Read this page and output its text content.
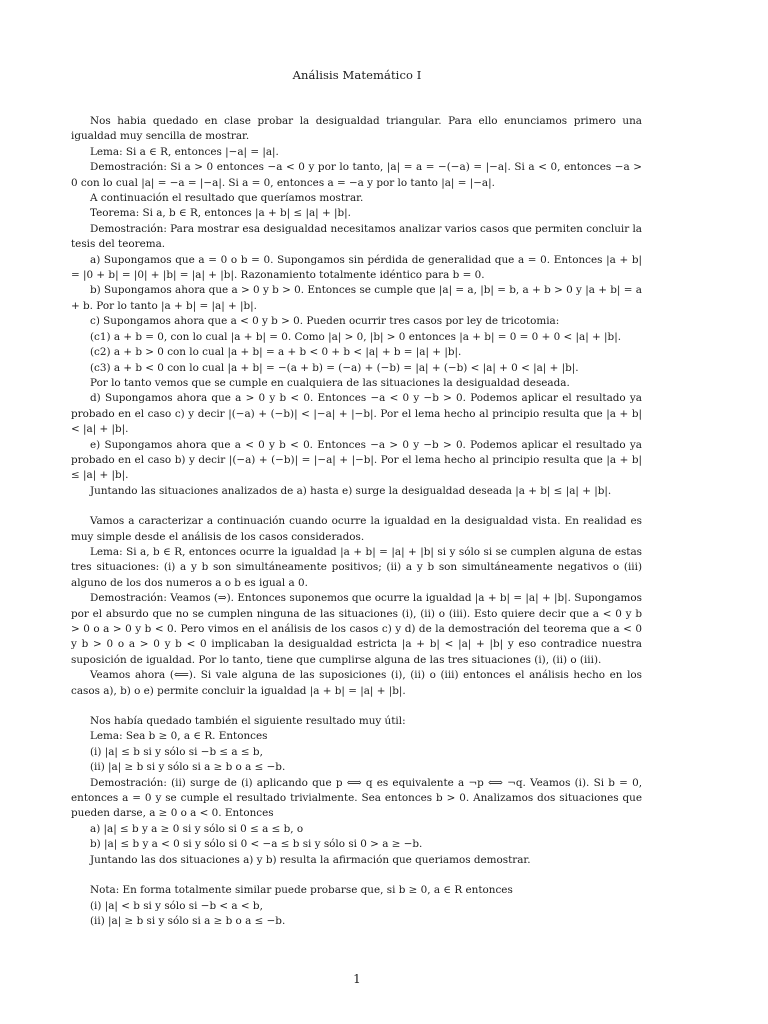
Análisis Matemático I

Nos habia quedado en clase probar la desigualdad triangular. Para ello enunciamos primero una igualdad muy sencilla de mostrar.

Lema: Si a ∈ R, entonces |−a| = |a|.

Demostración: Si a > 0 entonces −a < 0 y por lo tanto, |a| = a = −(−a) = |−a|. Si a < 0, entonces −a > 0 con lo cual |a| = −a = |−a|. Si a = 0, entonces a = −a y por lo tanto |a| = |−a|.

A continuación el resultado que queríamos mostrar.

Teorema: Si a, b ∈ R, entonces |a + b| ≤ |a| + |b|.

Demostración: Para mostrar esa desigualdad necesitamos analizar varios casos que permiten concluir la tesis del teorema.

a) Supongamos que a = 0 o b = 0. Supongamos sin pérdida de generalidad que a = 0. Entonces |a + b| = |0 + b| = |0| + |b| = |a| + |b|. Razonamiento totalmente idéntico para b = 0.

b) Supongamos ahora que a > 0 y b > 0. Entonces se cumple que |a| = a, |b| = b, a + b > 0 y |a + b| = a + b. Por lo tanto |a + b| = |a| + |b|.

c) Supongamos ahora que a < 0 y b > 0. Pueden ocurrir tres casos por ley de tricotomia:

(c1) a + b = 0, con lo cual |a + b| = 0. Como |a| > 0, |b| > 0 entonces |a + b| = 0 = 0 + 0 < |a| + |b|.

(c2) a + b > 0 con lo cual |a + b| = a + b < 0 + b < |a| + b = |a| + |b|.

(c3) a + b < 0 con lo cual |a + b| = −(a + b) = (−a) + (−b) = |a| + (−b) < |a| + 0 < |a| + |b|.

Por lo tanto vemos que se cumple en cualquiera de las situaciones la desigualdad deseada.

d) Supongamos ahora que a > 0 y b < 0. Entonces −a < 0 y −b > 0. Podemos aplicar el resultado ya probado en el caso c) y decir |(−a) + (−b)| < |−a| + |−b|. Por el lema hecho al principio resulta que |a + b| < |a| + |b|.

e) Supongamos ahora que a < 0 y b < 0. Entonces −a > 0 y −b > 0. Podemos aplicar el resultado ya probado en el caso b) y decir |(−a) + (−b)| = |−a| + |−b|. Por el lema hecho al principio resulta que |a + b| ≤ |a| + |b|.

Juntando las situaciones analizados de a) hasta e) surge la desigualdad deseada |a + b| ≤ |a| + |b|.

Vamos a caracterizar a continuación cuando ocurre la igualdad en la desigualdad vista. En realidad es muy simple desde el análisis de los casos considerados.

Lema: Si a, b ∈ R, entonces ocurre la igualdad |a + b| = |a| + |b| si y sólo si se cumplen alguna de estas tres situaciones: (i) a y b son simultáneamente positivos; (ii) a y b son simultáneamente negativos o (iii) alguno de los dos numeros a o b es igual a 0.

Demostración: Veamos (⇒). Entonces suponemos que ocurre la igualdad |a + b| = |a| + |b|. Supongamos por el absurdo que no se cumplen ninguna de las situaciones (i), (ii) o (iii). Esto quiere decir que a < 0 y b > 0 o a > 0 y b < 0. Pero vimos en el análisis de los casos c) y d) de la demostración del teorema que a < 0 y b > 0 o a > 0 y b < 0 implicaban la desigualdad estricta |a + b| < |a| + |b| y eso contradice nuestra suposición de igualdad. Por lo tanto, tiene que cumplirse alguna de las tres situaciones (i), (ii) o (iii).

Veamos ahora (⟸). Si vale alguna de las suposiciones (i), (ii) o (iii) entonces el análisis hecho en los casos a), b) o e) permite concluir la igualdad |a + b| = |a| + |b|.

Nos había quedado también el siguiente resultado muy útil:

Lema: Sea b ≥ 0, a ∈ R. Entonces

(i) |a| ≤ b si y sólo si −b ≤ a ≤ b,

(ii) |a| ≥ b si y sólo si a ≥ b o a ≤ −b.

Demostración: (ii) surge de (i) aplicando que p ⟺ q es equivalente a ¬p ⟺ ¬q. Veamos (i). Si b = 0, entonces a = 0 y se cumple el resultado trivialmente. Sea entonces b > 0. Analizamos dos situaciones que pueden darse, a ≥ 0 o a < 0. Entonces

a) |a| ≤ b y a ≥ 0 si y sólo si 0 ≤ a ≤ b, o

b) |a| ≤ b y a < 0 si y sólo si 0 < −a ≤ b si y sólo si 0 > a ≥ −b.

Juntando las dos situaciones a) y b) resulta la afirmación que queriamos demostrar.

Nota: En forma totalmente similar puede probarse que, si b ≥ 0, a ∈ R entonces

(i) |a| < b si y sólo si −b < a < b,

(ii) |a| ≥ b si y sólo si a ≥ b o a ≤ −b.

1
